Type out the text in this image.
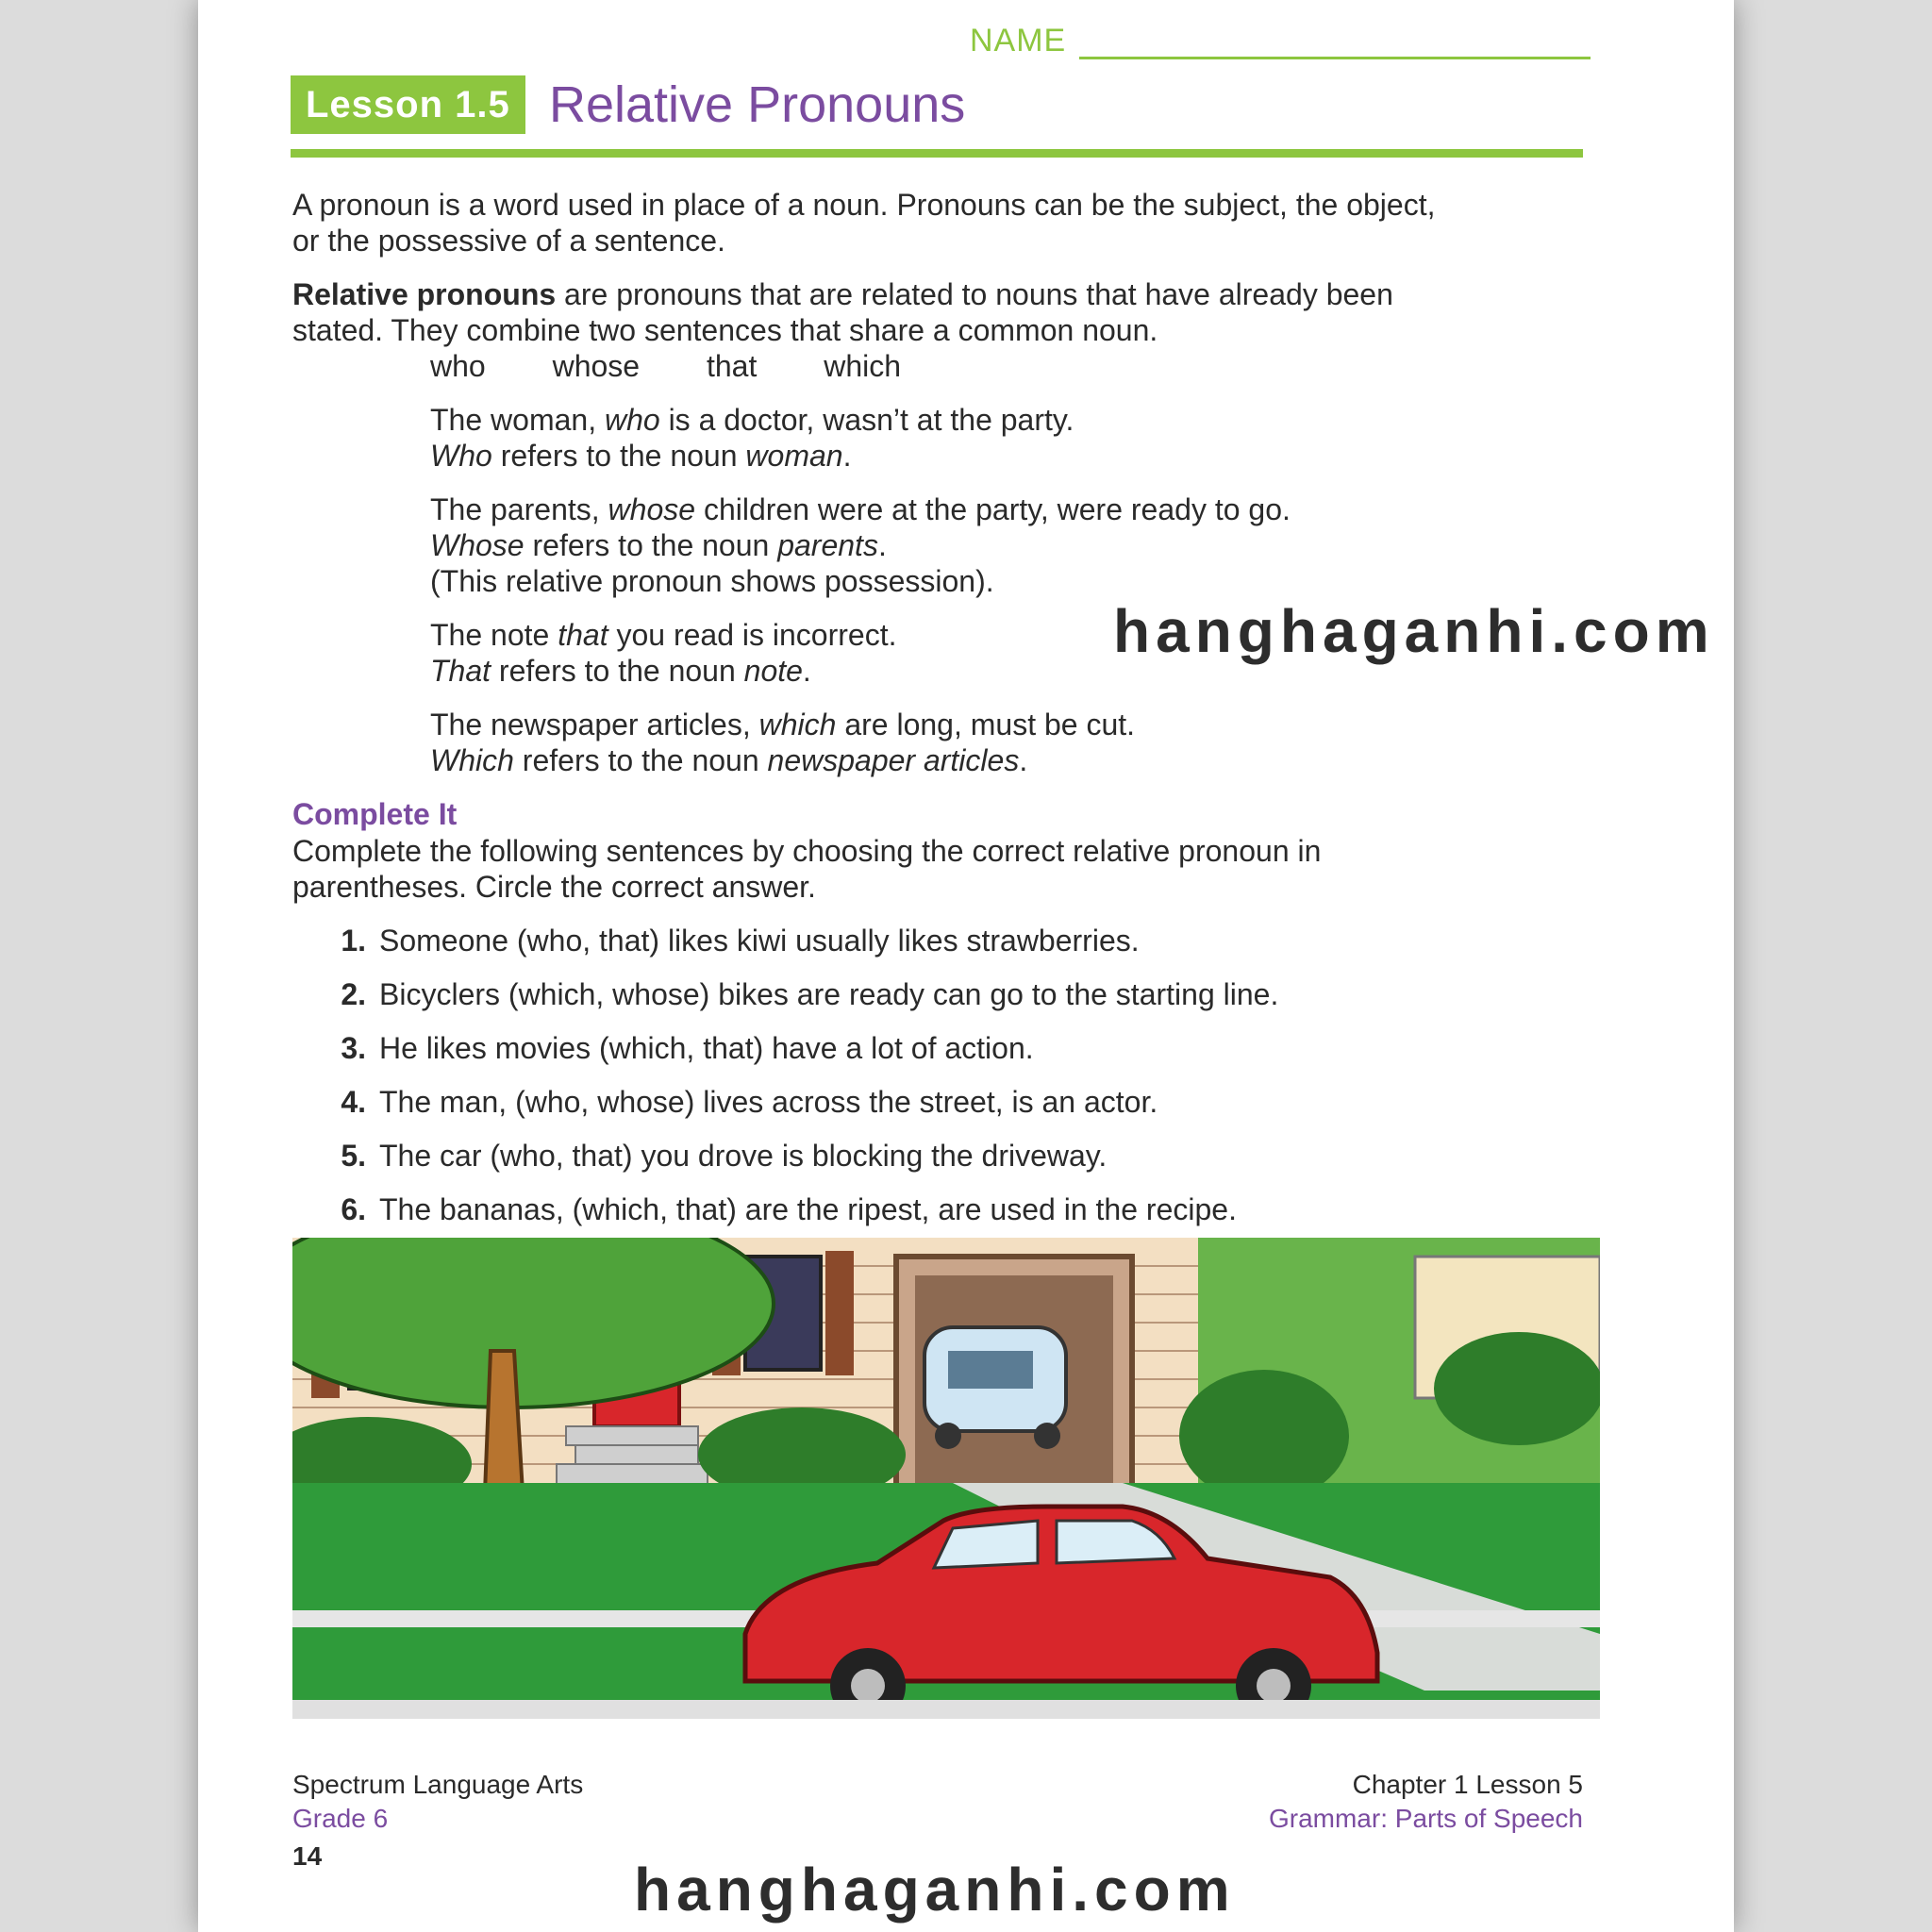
NAME
Lesson 1.5 Relative Pronouns
A pronoun is a word used in place of a noun. Pronouns can be the subject, the object,
or the possessive of a sentence.
Relative pronouns are pronouns that are related to nouns that have already been
stated. They combine two sentences that share a common noun.
who whose that which
The woman, who is a doctor, wasn’t at the party.
Who refers to the noun woman.
The parents, whose children were at the party, were ready to go.
Whose refers to the noun parents.
(This relative pronoun shows possession).
The note that you read is incorrect.
That refers to the noun note.
The newspaper articles, which are long, must be cut.
Which refers to the noun newspaper articles.
Complete It
Complete the following sentences by choosing the correct relative pronoun in
parentheses. Circle the correct answer.
1. Someone (who, that) likes kiwi usually likes strawberries.
2. Bicyclers (which, whose) bikes are ready can go to the starting line.
3. He likes movies (which, that) have a lot of action.
4. The man, (who, whose) lives across the street, is an actor.
5. The car (who, that) you drove is blocking the driveway.
6. The bananas, (which, that) are the ripest, are used in the recipe.
Spectrum Language Arts
Grade 6
14
Chapter 1 Lesson 5
Grammar: Parts of Speech
hanghaganhi.com
hanghaganhi.com
